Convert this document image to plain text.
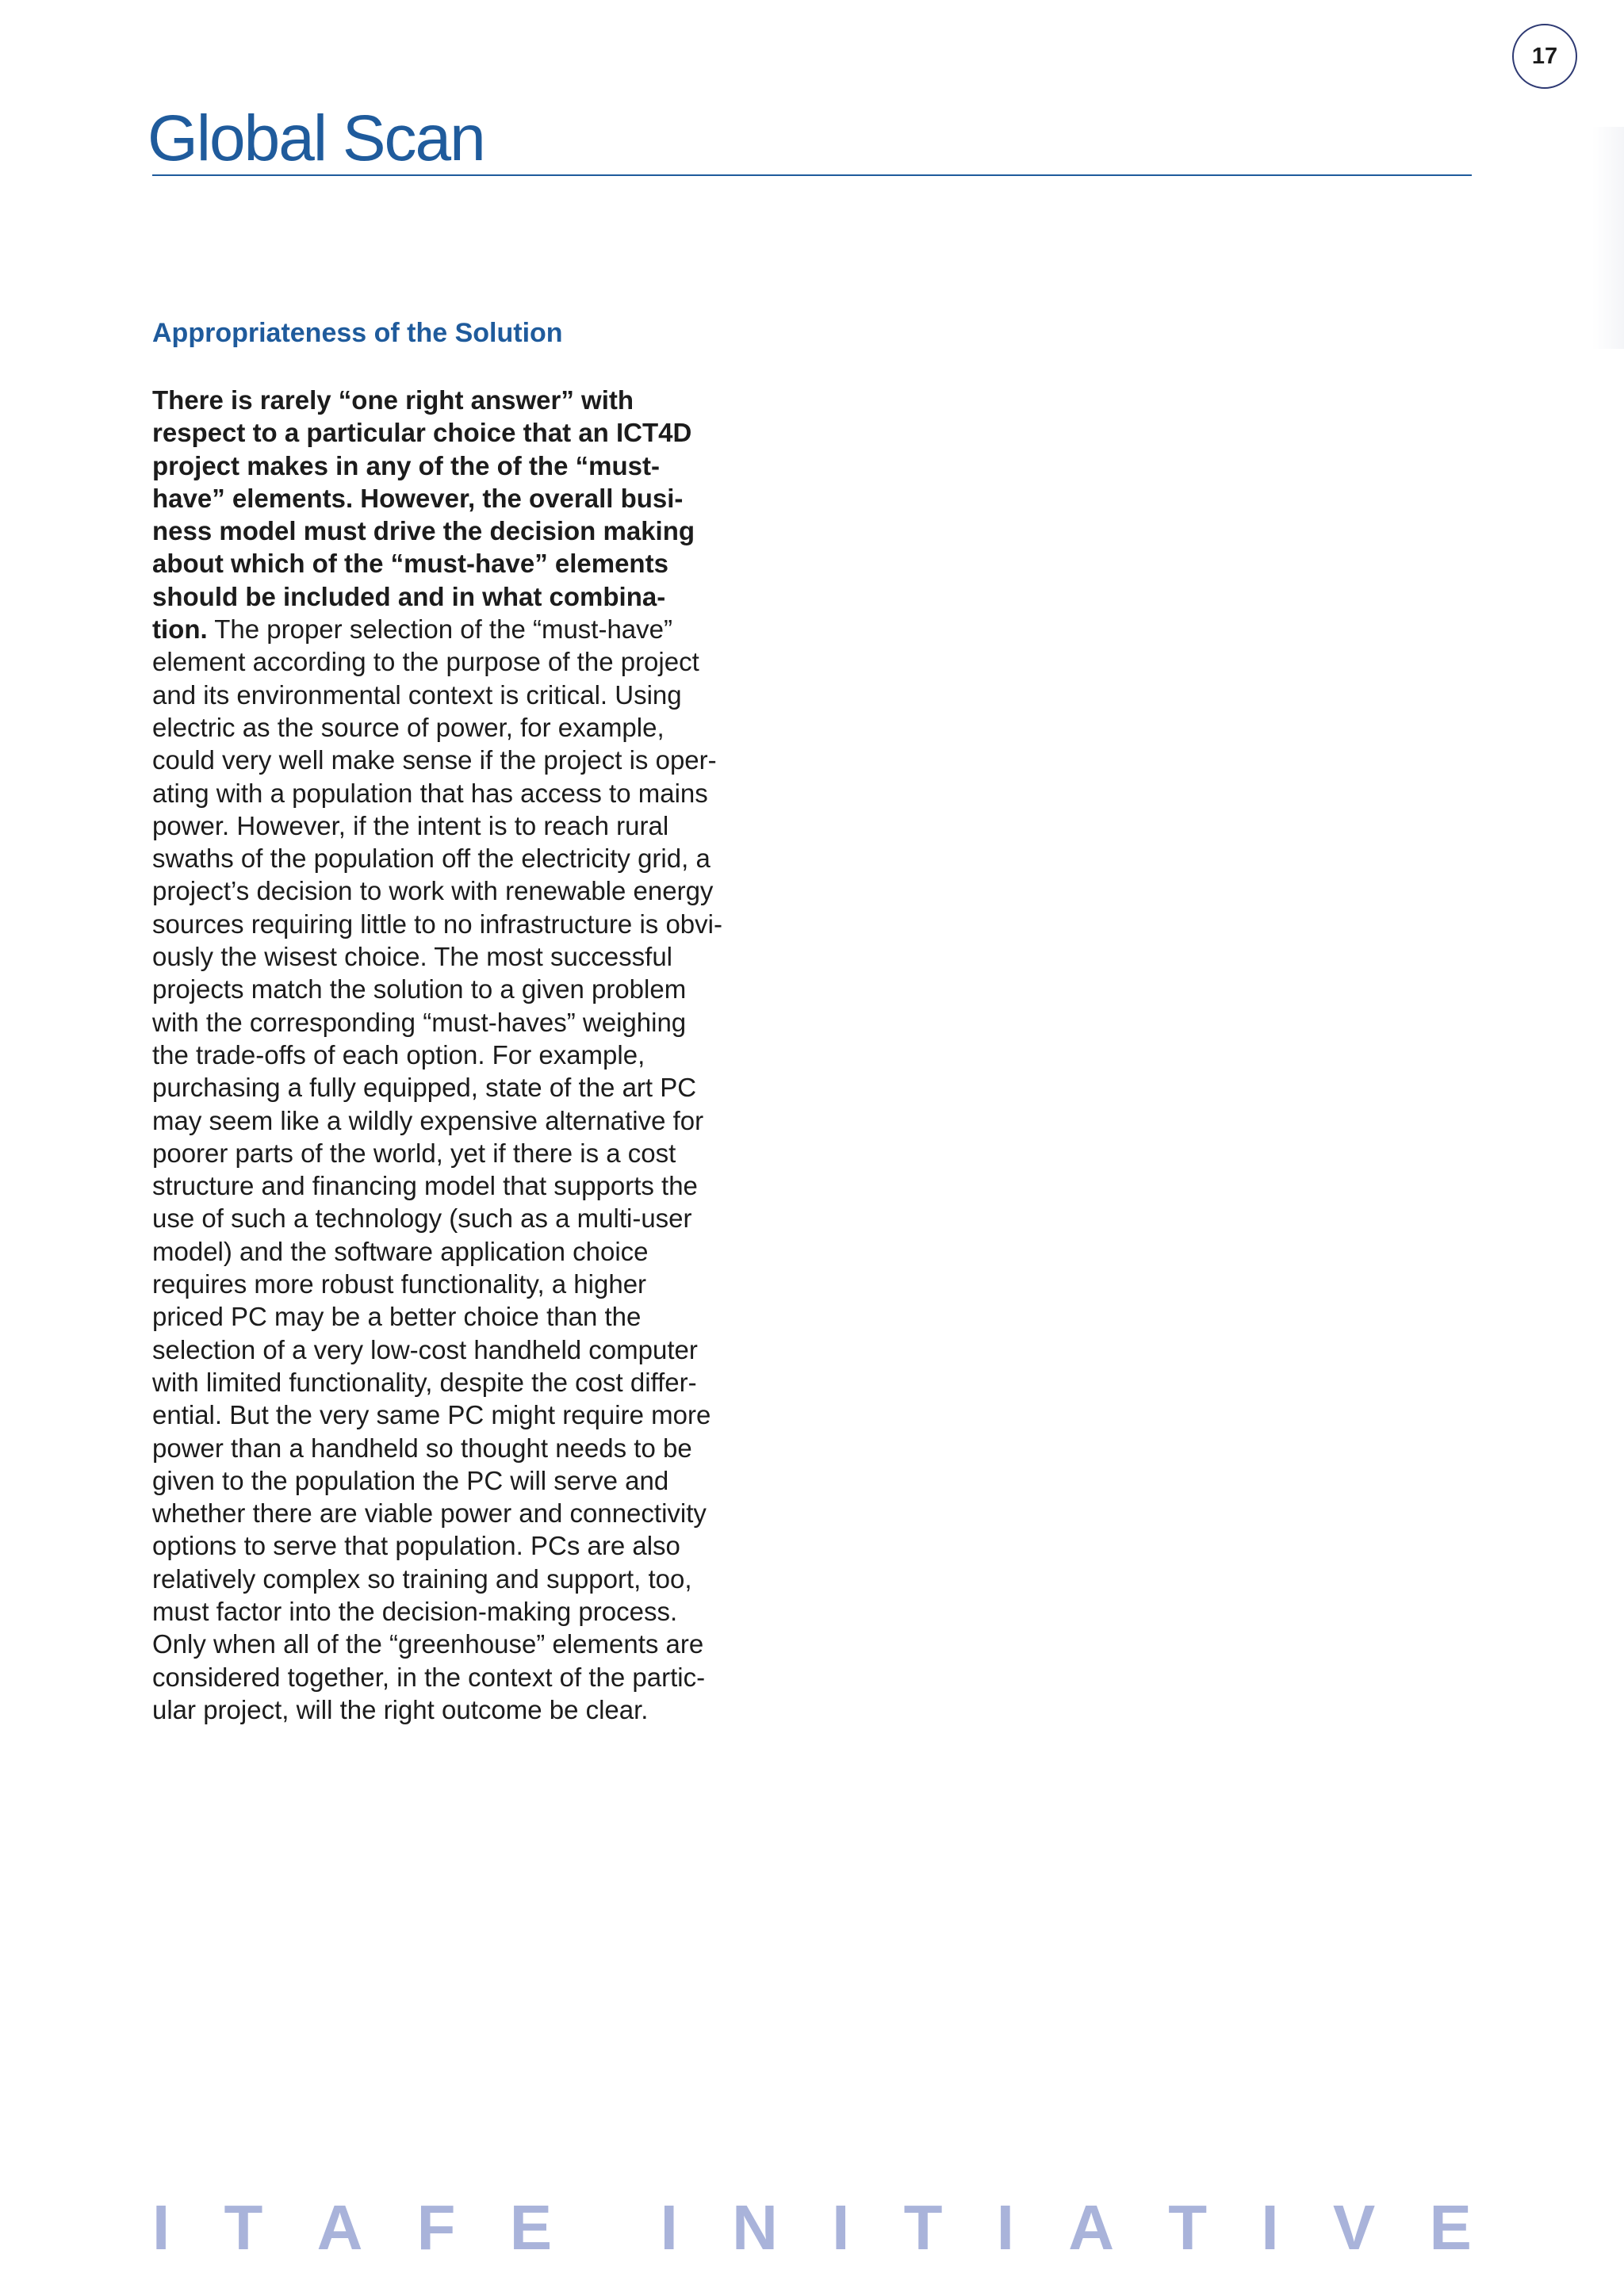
17
Global Scan
Appropriateness of the Solution

There is rarely “one right answer” with
respect to a particular choice that an ICT4D
project makes in any of the of the “must-
have” elements. However, the overall busi-
ness model must drive the decision making
about which of the “must-have” elements
should be included and in what combina-
tion. The proper selection of the “must-have”
element according to the purpose of the project
and its environmental context is critical. Using
electric as the source of power, for example,
could very well make sense if the project is oper-
ating with a population that has access to mains
power. However, if the intent is to reach rural
swaths of the population off the electricity grid, a
project’s decision to work with renewable energy
sources requiring little to no infrastructure is obvi-
ously the wisest choice. The most successful
projects match the solution to a given problem
with the corresponding “must-haves” weighing
the trade-offs of each option. For example,
purchasing a fully equipped, state of the art PC
may seem like a wildly expensive alternative for
poorer parts of the world, yet if there is a cost
structure and financing model that supports the
use of such a technology (such as a multi-user
model) and the software application choice
requires more robust functionality, a higher
priced PC may be a better choice than the
selection of a very low-cost handheld computer
with limited functionality, despite the cost differ-
ential. But the very same PC might require more
power than a handheld so thought needs to be
given to the population the PC will serve and
whether there are viable power and connectivity
options to serve that population. PCs are also
relatively complex so training and support, too,
must factor into the decision-making process.
Only when all of the “greenhouse” elements are
considered together, in the context of the partic-
ular project, will the right outcome be clear.

I T A F E I N I T I A T I V E
